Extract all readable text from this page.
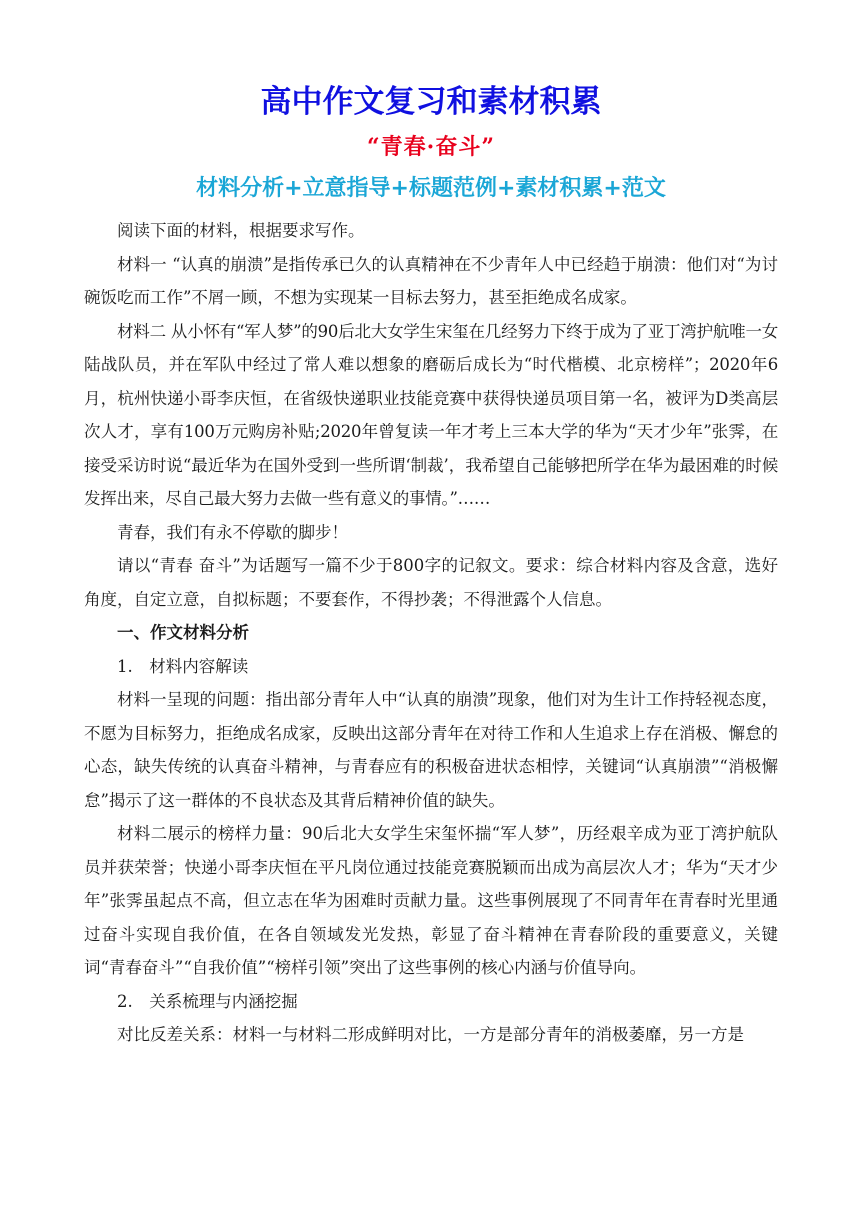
高中作文复习和素材积累
“青春·奋斗”
材料分析+立意指导+标题范例+素材积累+范文

阅读下面的材料，根据要求写作。

材料一 “认真的崩溃”是指传承已久的认真精神在不少青年人中已经趋于崩溃：他们对“为讨碗饭吃而工作”不屑一顾，不想为实现某一目标去努力，甚至拒绝成名成家。

材料二 从小怀有“军人梦”的90后北大女学生宋玺在几经努力下终于成为了亚丁湾护航唯一女陆战队员，并在军队中经过了常人难以想象的磨砺后成长为“时代楷模、北京榜样”；2020年6月，杭州快递小哥李庆恒，在省级快递职业技能竞赛中获得快递员项目第一名，被评为D类高层次人才，享有100万元购房补贴;2020年曾复读一年才考上三本大学的华为“天才少年”张霁，在接受采访时说“最近华为在国外受到一些所谓‘制裁’，我希望自己能够把所学在华为最困难的时候发挥出来，尽自己最大努力去做一些有意义的事情。”……

青春，我们有永不停歇的脚步！

请以“青春 奋斗”为话题写一篇不少于800字的记叙文。要求：综合材料内容及含意，选好角度，自定立意，自拟标题；不要套作，不得抄袭；不得泄露个人信息。

一、作文材料分析

1.　材料内容解读

材料一呈现的问题：指出部分青年人中“认真的崩溃”现象，他们对为生计工作持轻视态度，不愿为目标努力，拒绝成名成家，反映出这部分青年在对待工作和人生追求上存在消极、懈怠的心态，缺失传统的认真奋斗精神，与青春应有的积极奋进状态相悖，关键词“认真崩溃”“消极懈怠”揭示了这一群体的不良状态及其背后精神价值的缺失。

材料二展示的榜样力量：90后北大女学生宋玺怀揣“军人梦”，历经艰辛成为亚丁湾护航队员并获荣誉；快递小哥李庆恒在平凡岗位通过技能竞赛脱颖而出成为高层次人才；华为“天才少年”张霁虽起点不高，但立志在华为困难时贡献力量。这些事例展现了不同青年在青春时光里通过奋斗实现自我价值，在各自领域发光发热，彰显了奋斗精神在青春阶段的重要意义，关键词“青春奋斗”“自我价值”“榜样引领”突出了这些事例的核心内涵与价值导向。

2.　关系梳理与内涵挖掘

对比反差关系：材料一与材料二形成鲜明对比，一方是部分青年的消极萎靡，另一方是
